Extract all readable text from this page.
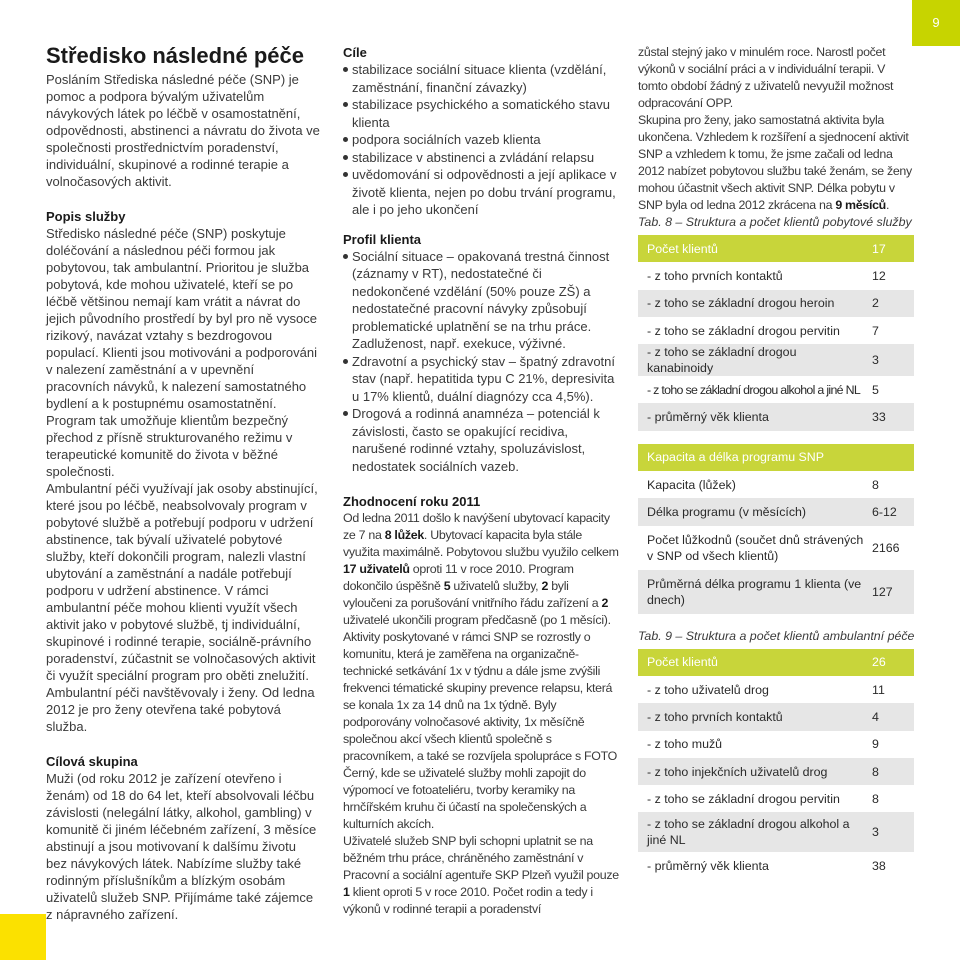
9
Středisko následné péče

Posláním Střediska následné péče (SNP) je pomoc a podpora bývalým uživatelům návykových látek po léčbě v osamostatnění, odpovědnosti, abstinenci a návratu do života ve společnosti prostřednictvím poradenství, individuální, skupinové a rodinné terapie a volnočasových aktivit.

Popis služby

Středisko následné péče (SNP) poskytuje doléčování a následnou péči formou jak pobytovou, tak ambulantní. Prioritou je služba pobytová, kde mohou uživatelé, kteří se po léčbě většinou nemají kam vrátit a návrat do jejich původního prostředí by byl pro ně vysoce rizikový, navázat vztahy s bezdrogovou populací. Klienti jsou motivováni a podporováni v nalezení zaměstnání a v upevnění pracovních návyků, k nalezení samostatného bydlení a k postupnému osamostatnění. Program tak umožňuje klientům bezpečný přechod z přísně strukturovaného režimu v terapeutické komunitě do života v běžné společnosti.

Ambulantní péči využívají jak osoby abstinující, které jsou po léčbě, neabsolvovaly program v pobytové službě a potřebují podporu v udržení abstinence, tak bývalí uživatelé pobytové služby, kteří dokončili program, nalezli vlastní ubytování a zaměstnání a nadále potřebují podporu v udržení abstinence. V rámci ambulantní péče mohou klienti využít všech aktivit jako v pobytové službě, tj individuální, skupinové i rodinné terapie, sociálně-právního poradenství, zúčastnit se volnočasových aktivit či využít speciální program pro oběti znelužití. Ambulantní péči navštěvovaly i ženy. Od ledna 2012 je pro ženy otevřena také pobytová služba.

Cílová skupina

Muži (od roku 2012 je zařízení otevřeno i ženám) od 18 do 64 let, kteří absolvovali léčbu závislosti (nelegální látky, alkohol, gambling) v komunitě či jiném léčebném zařízení, 3 měsíce abstinují a jsou motivovaní k dalšímu životu bez návykových látek. Nabízíme služby také rodinným příslušníkům a blízkým osobám uživatelů služeb SNP. Přijímáme také zájemce z nápravného zařízení.

Cíle
stabilizace sociální situace klienta (vzdělání, zaměstnání, finanční závazky)
stabilizace psychického a somatického stavu klienta
podpora sociálních vazeb klienta
stabilizace v abstinenci a zvládání relapsu
uvědomování si odpovědnosti a její aplikace v životě klienta, nejen po dobu trvání programu, ale i po jeho ukončení
Profil klienta
Sociální situace – opakovaná trestná činnost (záznamy v RT), nedostatečné či nedokončené vzdělání (50% pouze ZŠ) a nedostatečné pracovní návyky způsobují problematické uplatnění se na trhu práce. Zadluženost, např. exekuce, výživné.
Zdravotní a psychický stav – špatný zdravotní stav (např. hepatitida typu C 21%, depresivita u 17% klientů, duální diagnózy cca 4,5%).
Drogová a rodinná anamnéza – potenciál k závislosti, často se opakující recidiva, narušené rodinné vztahy, spoluzávislost, nedostatek sociálních vazeb.
Zhodnocení roku 2011

Od ledna 2011 došlo k navýšení ubytovací kapacity ze 7 na 8 lůžek. Ubytovací kapacita byla stále využita maximálně. Pobytovou službu využilo celkem 17 uživatelů oproti 11 v roce 2010. Program dokončilo úspěšně 5 uživatelů služby, 2 byli vyloučeni za porušování vnitřního řádu zařízení a 2 uživatelé ukončili program předčasně (po 1 měsíci). Aktivity poskytované v rámci SNP se rozrostly o komunitu, která je zaměřena na organizačně-technické setkávání 1x v týdnu a dále jsme zvýšili frekvenci tématické skupiny prevence relapsu, která se konala 1x za 14 dnů na 1x týdně. Byly podporovány volnočasové aktivity, 1x měsíčně společnou akcí všech klientů společně s pracovníkem, a také se rozvíjela spolupráce s FOTO Černý, kde se uživatelé služby mohli zapojit do výpomocí ve fotoateliéru, tvorby keramiky na hrnčířském kruhu či účastí na společenských a kulturních akcích.

Uživatelé služeb SNP byli schopni uplatnit se na běžném trhu práce, chráněného zaměstnání v Pracovní a sociální agentuře SKP Plzeň využil pouze 1 klient oproti 5 v roce 2010. Počet rodin a tedy i výkonů v rodinné terapii a poradenství

zůstal stejný jako v minulém roce. Narostl počet výkonů v sociální práci a v individuální terapii. V tomto období žádný z uživatelů nevyužil možnost odpracování OPP.

Skupina pro ženy, jako samostatná aktivita byla ukončena. Vzhledem k rozšíření a sjednocení aktivit SNP a vzhledem k tomu, že jsme začali od ledna 2012 nabízet pobytovou službu také ženám, se ženy mohou účastnit všech aktivit SNP. Délka pobytu v SNP byla od ledna 2012 zkrácena na 9 měsíců.

Tab. 8 – Struktura a počet klientů pobytové služby
Počet klientů	17
- z toho prvních kontaktů	12
- z toho se základní drogou heroin	2
- z toho se základní drogou pervitin	7
- z toho se základní drogou kanabinoidy	3
- z toho se základní drogou alkohol a jiné NL	5
- průměrný věk klienta	33
Kapacita a délka programu SNP	
Kapacita (lůžek)	8
Délka programu (v měsících)	6-12
Počet lůžkodnů (součet dnů strávených v SNP od všech klientů)	2166
Průměrná délka programu 1 klienta (ve dnech)	127
Tab. 9 – Struktura a počet klientů ambulantní péče
Počet klientů	26
- z toho uživatelů drog	11
- z toho prvních kontaktů	4
- z toho mužů	9
- z toho injekčních uživatelů drog	8
- z toho se základní drogou pervitin	8
- z toho se základní drogou alkohol a jiné NL	3
- průměrný věk klienta	38
